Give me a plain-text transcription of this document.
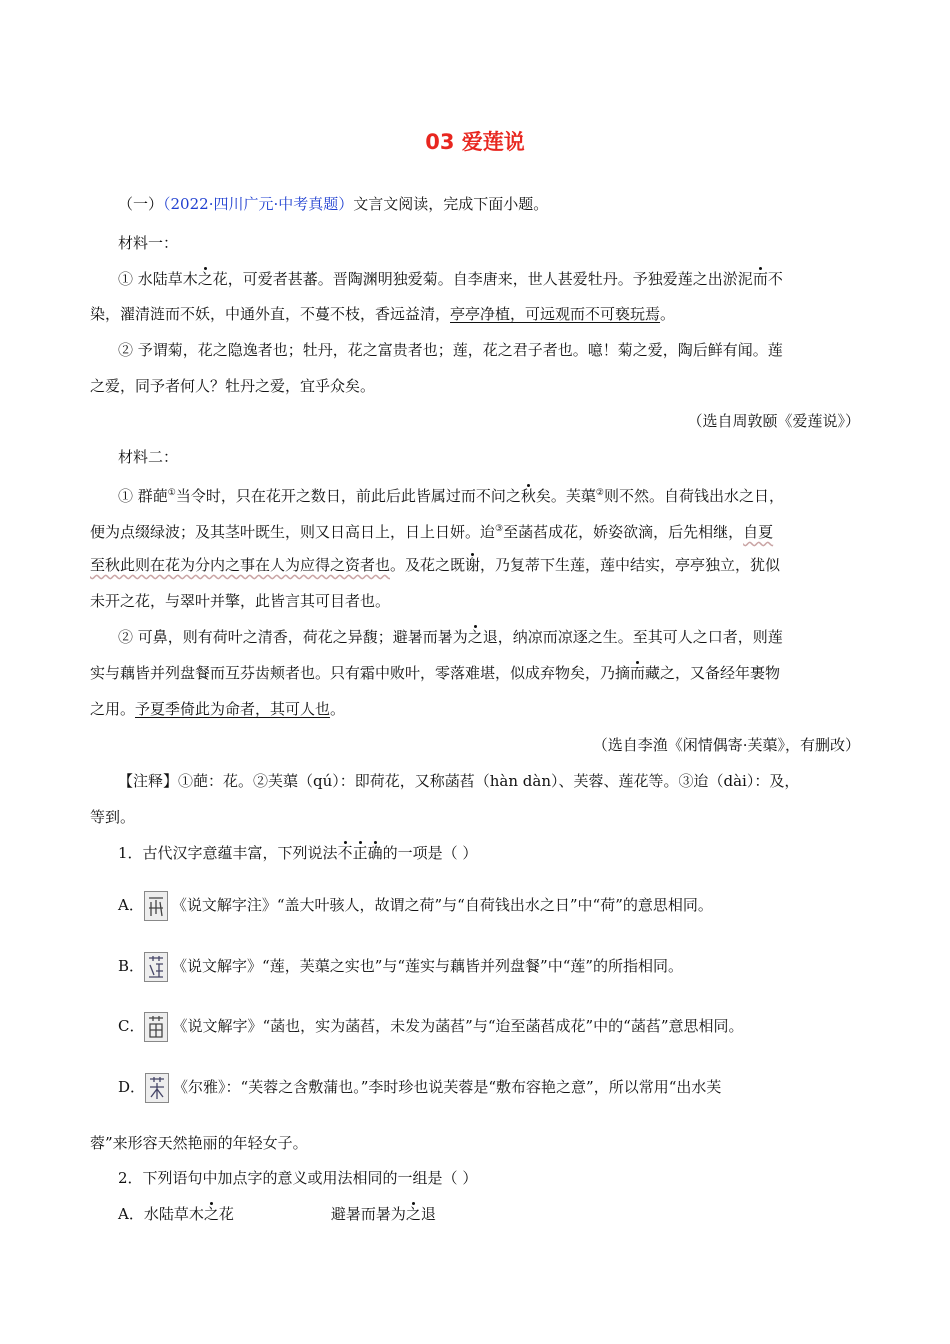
03 爱莲说
（一）（2022·四川广元·中考真题）文言文阅读，完成下面小题。
材料一：
① 水陆草木之花，可爱者甚蕃。晋陶渊明独爱菊。自李唐来，世人甚爱牡丹。予独爱莲之出淤泥而不
染，濯清涟而不妖，中通外直，不蔓不枝，香远益清，亭亭净植，可远观而不可亵玩焉。
② 予谓菊，花之隐逸者也；牡丹，花之富贵者也；莲，花之君子者也。噫！菊之爱，陶后鲜有闻。莲
之爱，同予者何人？牡丹之爱，宜乎众矣。
（选自周敦颐《爱莲说》）
材料二：
① 群葩①当令时，只在花开之数日，前此后此皆属过而不问之秋矣。芙蕖②则不然。自荷钱出水之日，
便为点缀绿波；及其茎叶既生，则又日高日上，日上日妍。迨③至菡萏成花，娇姿欲滴，后先相继，自夏
至秋此则在花为分内之事在人为应得之资者也。及花之既谢，乃复蒂下生莲，莲中结实，亭亭独立，犹似
未开之花，与翠叶并擎，此皆言其可目者也。
② 可鼻，则有荷叶之清香，荷花之异馥；避暑而暑为之退，纳凉而凉逐之生。至其可人之口者，则莲
实与藕皆并列盘餐而互芬齿颊者也。只有霜中败叶，零落难堪，似成弃物矣，乃摘而藏之，又备经年裹物
之用。予夏季倚此为命者，其可人也。
（选自李渔《闲情偶寄·芙蕖》，有删改）
【注释】①葩：花。②芙蕖（qú）：即荷花，又称菡萏（hàn dàn）、芙蓉、莲花等。③迨（dài）：及，
等到。
1．古代汉字意蕴丰富，下列说法不正确的一项是（ ）
A． 《说文解字注》“盖大叶骇人，故谓之荷”与“自荷钱出水之日”中“荷”的意思相同。
B． 《说文解字》“莲，芙蕖之实也”与“莲实与藕皆并列盘餐”中“莲”的所指相同。
C． 《说文解字》“菡也，实为菡萏，未发为菡萏”与“迨至菡萏成花”中的“菡萏”意思相同。
D． 《尔雅》：“芙蓉之含敷蒲也。”李时珍也说芙蓉是“敷布容艳之意”，所以常用“出水芙
蓉”来形容天然艳丽的年轻女子。
2．下列语句中加点字的意义或用法相同的一组是（ ）
A．水陆草木之花	避暑而暑为之退
